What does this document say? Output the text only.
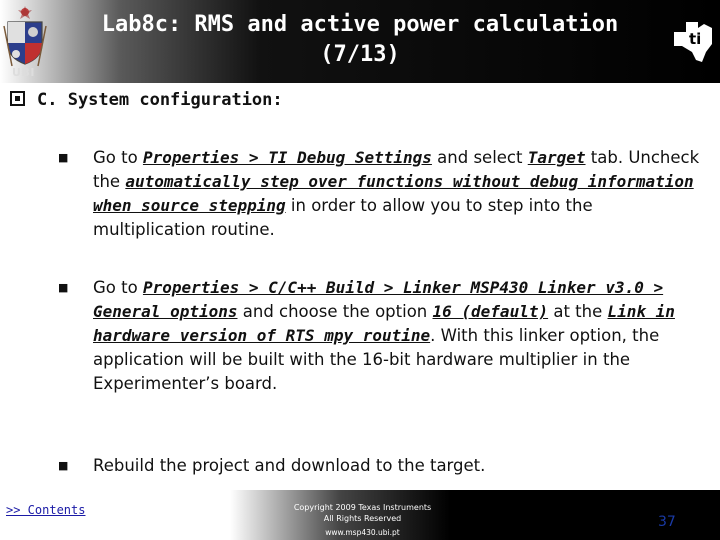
UBI
Lab8c: RMS and active power calculation
(7/13)
ti
C. System configuration:
■ Go to Properties > TI Debug Settings and select Target tab. Uncheck the automatically step over functions without debug information when source stepping in order to allow you to step into the multiplication routine.
■ Go to Properties > C/C++ Build > Linker MSP430 Linker v3.0 > General options and choose the option 16 (default) at the Link in hardware version of RTS mpy routine. With this linker option, the application will be built with the 16-bit hardware multiplier in the Experimenter’s board.
■ Rebuild the project and download to the target.
>> Contents	Copyright 2009 Texas Instruments
All Rights Reserved
www.msp430.ubi.pt
37
